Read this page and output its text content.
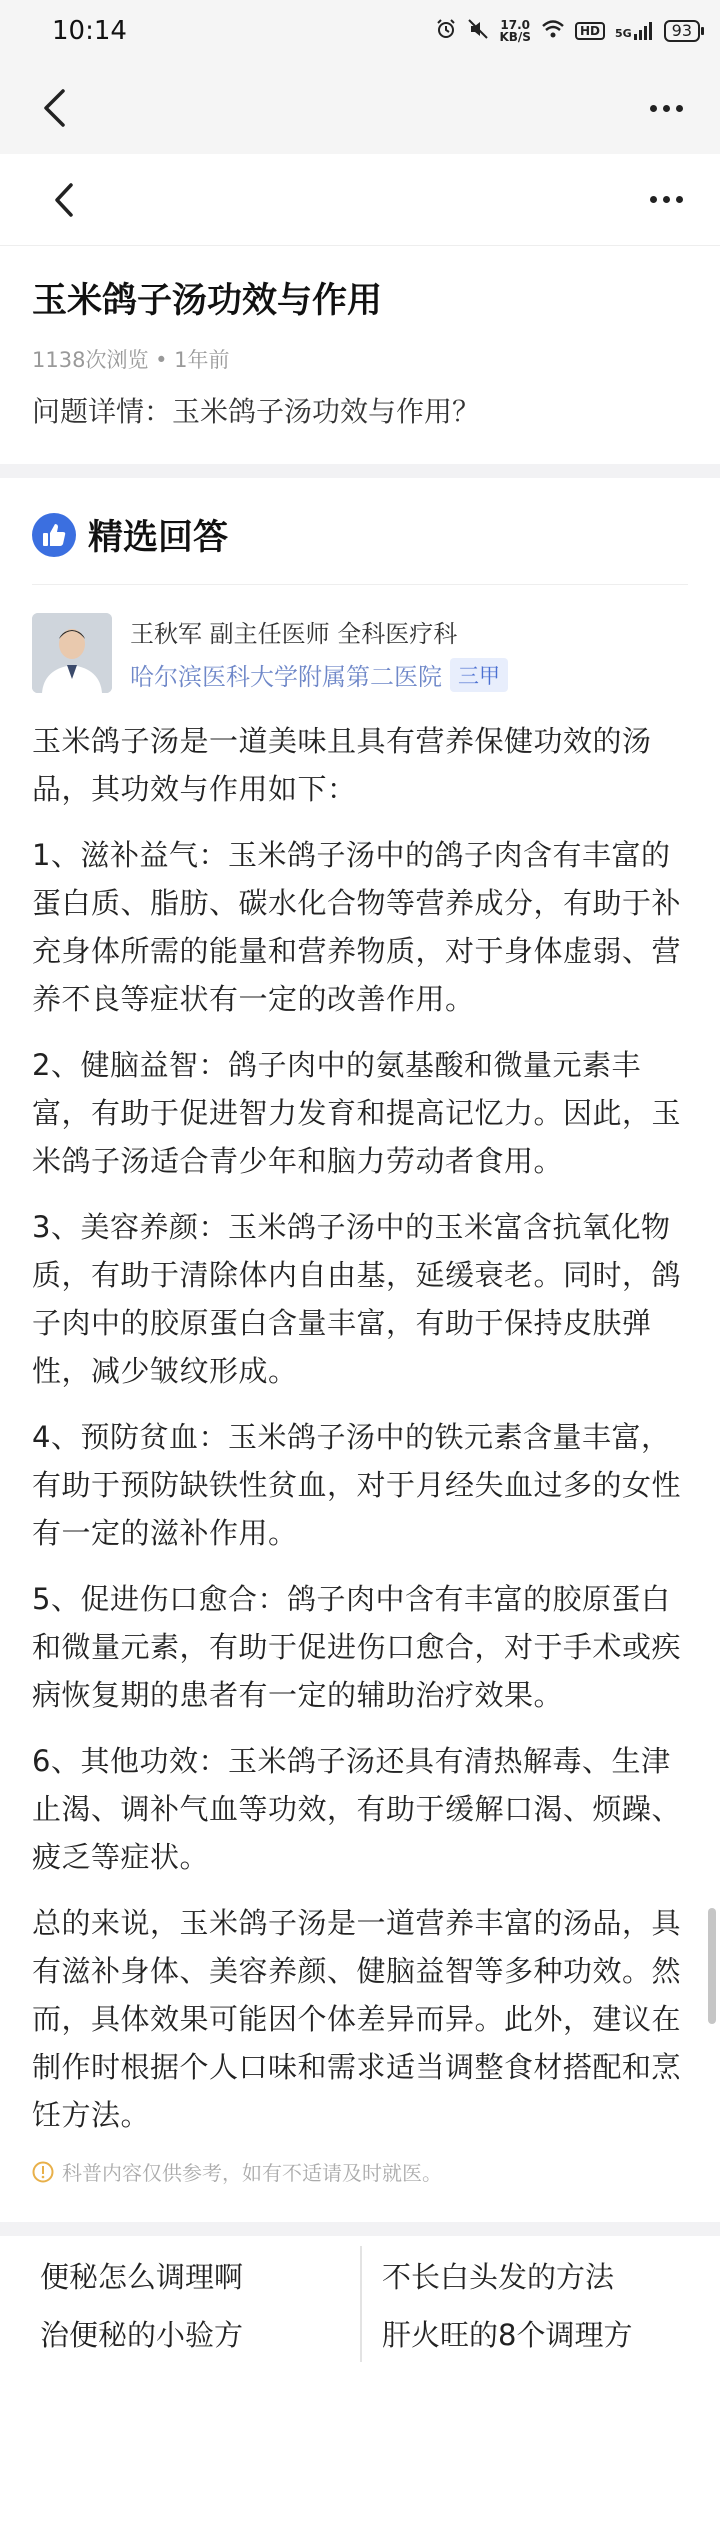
10:14	17.0
KB/S	HD	5G	93
玉米鸽子汤功效与作用
1138次浏览 • 1年前
问题详情：玉米鸽子汤功效与作用？
精选回答
王秋军 副主任医师 全科医疗科
哈尔滨医科大学附属第二医院 三甲

玉米鸽子汤是一道美味且具有营养保健功效的汤品，其功效与作用如下：

1、滋补益气：玉米鸽子汤中的鸽子肉含有丰富的蛋白质、脂肪、碳水化合物等营养成分，有助于补充身体所需的能量和营养物质，对于身体虚弱、营养不良等症状有一定的改善作用。

2、健脑益智：鸽子肉中的氨基酸和微量元素丰富，有助于促进智力发育和提高记忆力。因此，玉米鸽子汤适合青少年和脑力劳动者食用。

3、美容养颜：玉米鸽子汤中的玉米富含抗氧化物质，有助于清除体内自由基，延缓衰老。同时，鸽子肉中的胶原蛋白含量丰富，有助于保持皮肤弹性，减少皱纹形成。

4、预防贫血：玉米鸽子汤中的铁元素含量丰富，有助于预防缺铁性贫血，对于月经失血过多的女性有一定的滋补作用。

5、促进伤口愈合：鸽子肉中含有丰富的胶原蛋白和微量元素，有助于促进伤口愈合，对于手术或疾病恢复期的患者有一定的辅助治疗效果。

6、其他功效：玉米鸽子汤还具有清热解毒、生津止渴、调补气血等功效，有助于缓解口渴、烦躁、疲乏等症状。

总的来说，玉米鸽子汤是一道营养丰富的汤品，具有滋补身体、美容养颜、健脑益智等多种功效。然而，具体效果可能因个体差异而异。此外，建议在制作时根据个人口味和需求适当调整食材搭配和烹饪方法。

科普内容仅供参考，如有不适请及时就医。
便秘怎么调理啊	不长白头发的方法
治便秘的小验方	肝火旺的8个调理方
